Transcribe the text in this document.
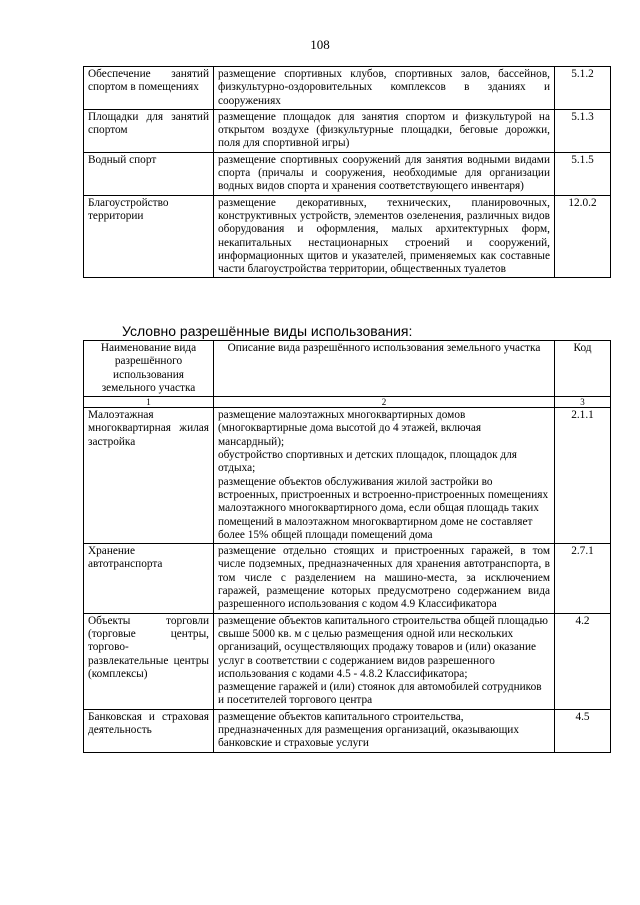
108
Обеспечение занятий спортом в помещениях	размещение спортивных клубов, спортивных залов, бассейнов, физкультурно-оздоровительных комплексов в зданиях и сооружениях	5.1.2
Площадки для занятий спортом	размещение площадок для занятия спортом и физкультурой на открытом воздухе (физкультурные площадки, беговые дорожки, поля для спортивной игры)	5.1.3
Водный спорт	размещение спортивных сооружений для занятия водными видами спорта (причалы и сооружения, необходимые для организации водных видов спорта и хранения соответствующего инвентаря)	5.1.5
Благоустройство территории	размещение декоративных, технических, планировочных, конструктивных устройств, элементов озеленения, различных видов оборудования и оформления, малых архитектурных форм, некапитальных нестационарных строений и сооружений, информационных щитов и указателей, применяемых как составные части благоустройства территории, общественных туалетов	12.0.2
Условно разрешённые виды использования:
Наименование вида разрешённого использования земельного участка	Описание вида разрешённого использования земельного участка	Код
1	2	3
Малоэтажная многоквартирная жилая застройка	размещение малоэтажных многоквартирных домов (многоквартирные дома высотой до 4 этажей, включая мансардный);
обустройство спортивных и детских площадок, площадок для отдыха;
размещение объектов обслуживания жилой застройки во встроенных, пристроенных и встроенно-пристроенных помещениях малоэтажного многоквартирного дома, если общая площадь таких помещений в малоэтажном многоквартирном доме не составляет более 15% общей площади помещений дома	2.1.1
Хранение автотранспорта	размещение отдельно стоящих и пристроенных гаражей, в том числе подземных, предназначенных для хранения автотранспорта, в том числе с разделением на машино-места, за исключением гаражей, размещение которых предусмотрено содержанием вида разрешенного использования с кодом 4.9 Классификатора	2.7.1
Объекты торговли (торговые центры, торгово-развлекательные центры (комплексы)	размещение объектов капитального строительства общей площадью свыше 5000 кв. м с целью размещения одной или нескольких организаций, осуществляющих продажу товаров и (или) оказание услуг в соответствии с содержанием видов разрешенного использования с кодами 4.5 - 4.8.2 Классификатора;
размещение гаражей и (или) стоянок для автомобилей сотрудников и посетителей торгового центра	4.2
Банковская и страховая деятельность	размещение объектов капитального строительства, предназначенных для размещения организаций, оказывающих банковские и страховые услуги	4.5
